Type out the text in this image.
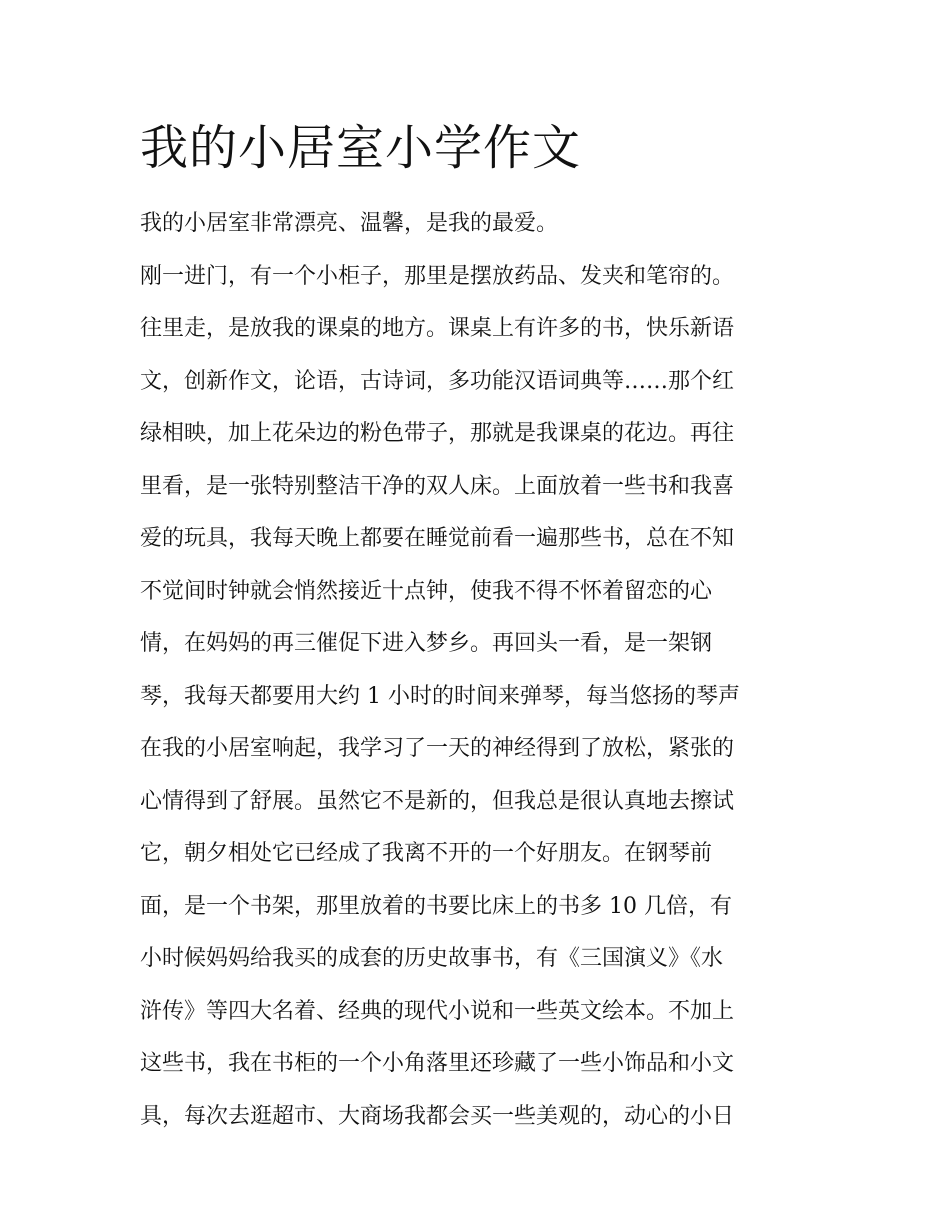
我的小居室小学作文

我的小居室非常漂亮、温馨，是我的最爱。

刚一进门，有一个小柜子，那里是摆放药品、发夹和笔帘的。

往里走，是放我的课桌的地方。课桌上有许多的书，快乐新语

文，创新作文，论语，古诗词，多功能汉语词典等……那个红

绿相映，加上花朵边的粉色带子，那就是我课桌的花边。再往

里看，是一张特别整洁干净的双人床。上面放着一些书和我喜

爱的玩具，我每天晚上都要在睡觉前看一遍那些书，总在不知

不觉间时钟就会悄然接近十点钟，使我不得不怀着留恋的心

情，在妈妈的再三催促下进入梦乡。再回头一看，是一架钢

琴，我每天都要用大约 1 小时的时间来弹琴，每当悠扬的琴声

在我的小居室响起，我学习了一天的神经得到了放松，紧张的

心情得到了舒展。虽然它不是新的，但我总是很认真地去擦试

它，朝夕相处它已经成了我离不开的一个好朋友。在钢琴前

面，是一个书架，那里放着的书要比床上的书多 10 几倍，有

小时候妈妈给我买的成套的历史故事书，有《三国演义》《水

浒传》等四大名着、经典的现代小说和一些英文绘本。不加上

这些书，我在书柜的一个小角落里还珍藏了一些小饰品和小文

具，每次去逛超市、大商场我都会买一些美观的，动心的小日
